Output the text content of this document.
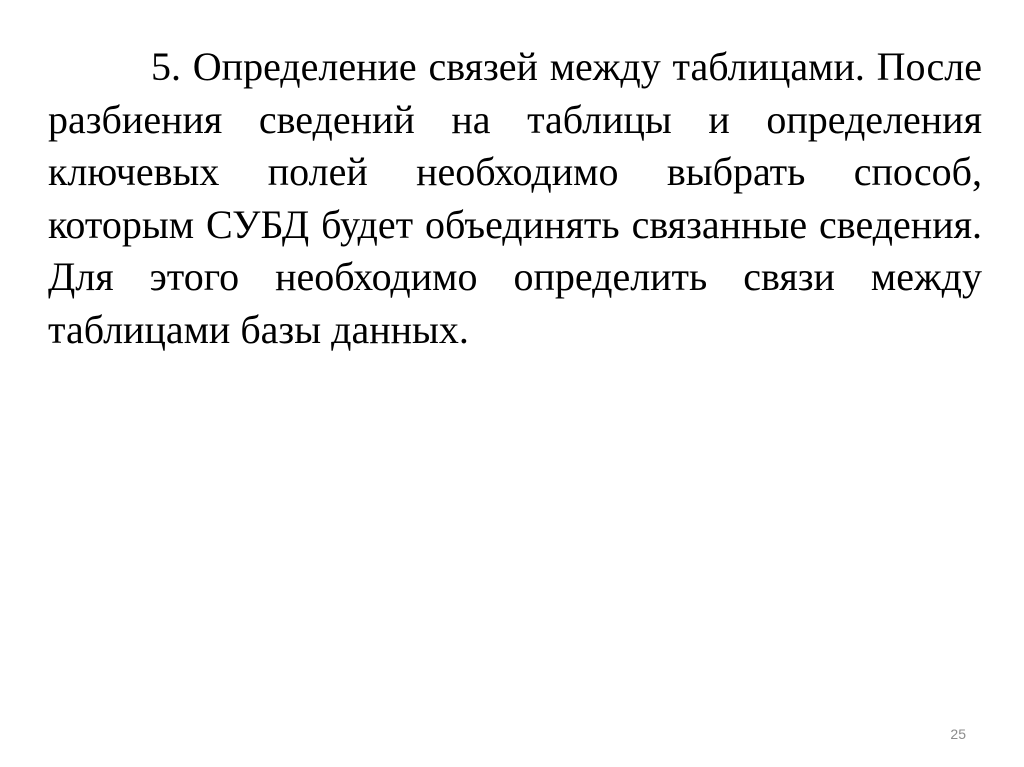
5. Определение связей между таблицами. После разбиения сведений на таблицы и определения ключевых полей необходимо выбрать способ, которым СУБД будет объединять связанные сведения. Для этого необходимо определить связи между таблицами базы данных.

25
